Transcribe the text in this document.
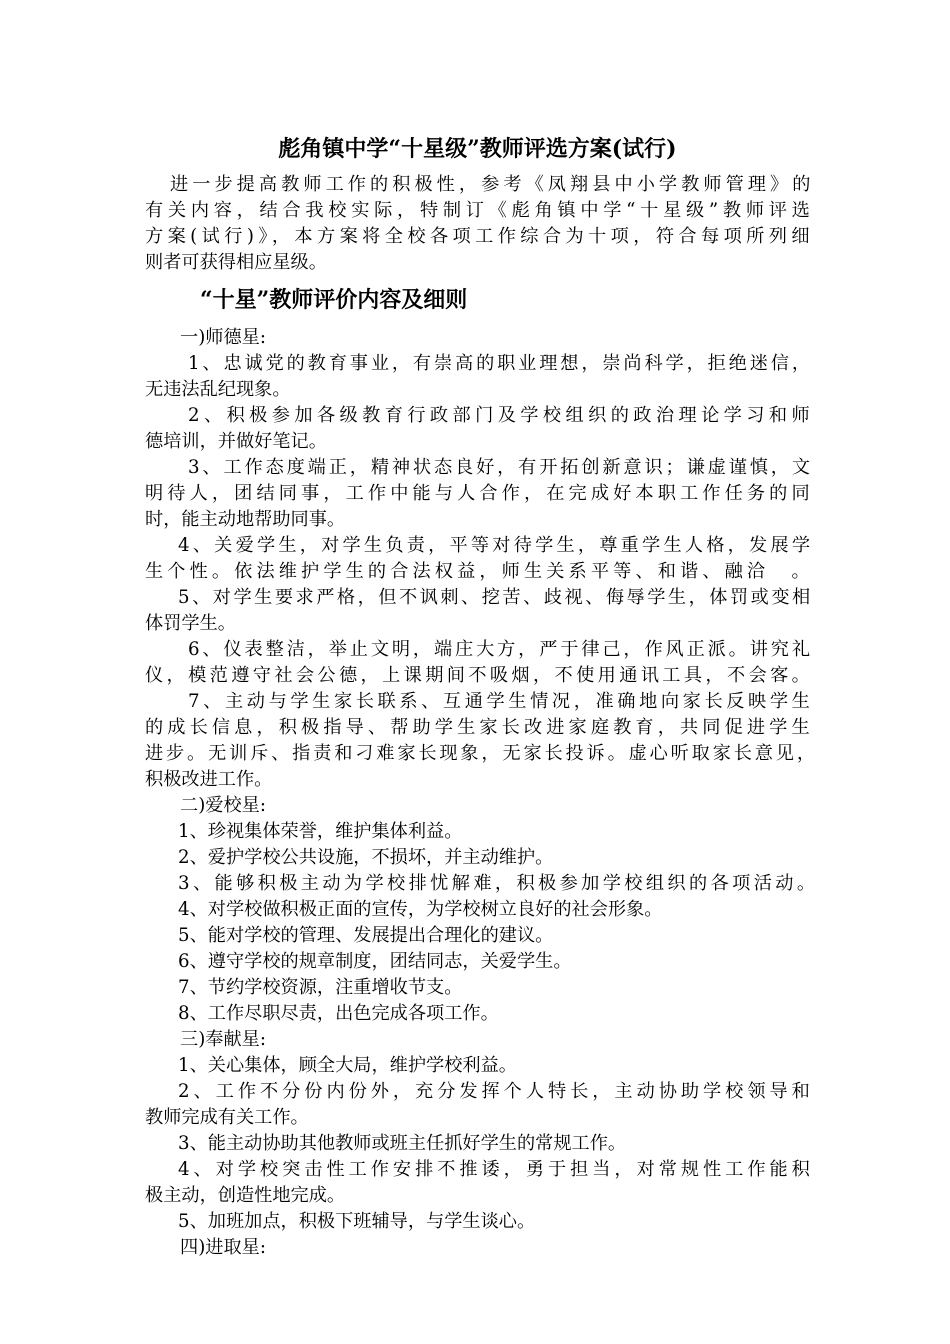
彪角镇中学“十星级”教师评选方案(试行)
进一步提高教师工作的积极性，参考《凤翔县中小学教师管理》的
有关内容，结合我校实际，特制订《彪角镇中学“十星级”教师评选
方案(试行)》，本方案将全校各项工作综合为十项，符合每项所列细
则者可获得相应星级。
“十星”教师评价内容及细则
一)师德星:
1、忠诚党的教育事业，有崇高的职业理想，崇尚科学，拒绝迷信，
无违法乱纪现象。
2、积极参加各级教育行政部门及学校组织的政治理论学习和师
德培训，并做好笔记。
3、工作态度端正，精神状态良好，有开拓创新意识；谦虚谨慎，文
明待人，团结同事，工作中能与人合作，在完成好本职工作任务的同
时，能主动地帮助同事。
4、关爱学生，对学生负责，平等对待学生，尊重学生人格，发展学
生个性。依法维护学生的合法权益，师生关系平等、和谐、融洽　。
5、对学生要求严格，但不讽刺、挖苦、歧视、侮辱学生，体罚或变相
体罚学生。
6、仪表整洁，举止文明，端庄大方，严于律己，作风正派。讲究礼
仪，模范遵守社会公德，上课期间不吸烟，不使用通讯工具，不会客。
7、主动与学生家长联系、互通学生情况，准确地向家长反映学生
的成长信息，积极指导、帮助学生家长改进家庭教育，共同促进学生
进步。无训斥、指责和刁难家长现象，无家长投诉。虚心听取家长意见，
积极改进工作。
二)爱校星:
1、珍视集体荣誉，维护集体利益。
2、爱护学校公共设施，不损坏，并主动维护。
3、能够积极主动为学校排忧解难，积极参加学校组织的各项活动。
4、对学校做积极正面的宣传，为学校树立良好的社会形象。
5、能对学校的管理、发展提出合理化的建议。
6、遵守学校的规章制度，团结同志，关爱学生。
7、节约学校资源，注重增收节支。
8、工作尽职尽责，出色完成各项工作。
三)奉献星:
1、关心集体，顾全大局，维护学校利益。
2、工作不分份内份外，充分发挥个人特长，主动协助学校领导和
教师完成有关工作。
3、能主动协助其他教师或班主任抓好学生的常规工作。
4、对学校突击性工作安排不推诿，勇于担当，对常规性工作能积
极主动，创造性地完成。
5、加班加点，积极下班辅导，与学生谈心。
四)进取星:
